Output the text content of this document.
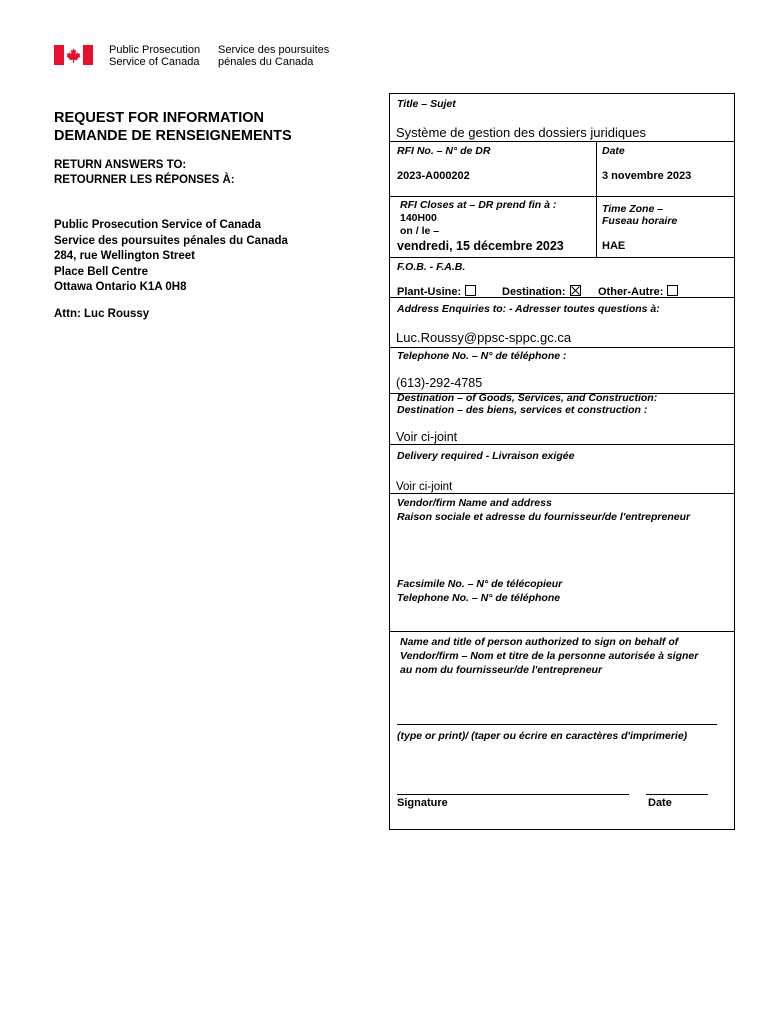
Public Prosecution
Service of Canada
Service des poursuites
pénales du Canada
REQUEST FOR INFORMATION
DEMANDE DE RENSEIGNEMENTS
RETURN ANSWERS TO:
RETOURNER LES RÉPONSES À:
Public Prosecution Service of Canada
Service des poursuites pénales du Canada
284, rue Wellington Street
Place Bell Centre
Ottawa Ontario K1A 0H8
Attn: Luc Roussy
Title – Sujet
Système de gestion des dossiers juridiques
RFI No. – N° de DR	Date
2023-A000202	3 novembre 2023
RFI Closes at – DR prend fin à :
140H00
on / le –
vendredi, 15 décembre 2023
Time Zone –
Fuseau horaire
HAE
F.O.B. - F.A.B.
Plant-Usine:	Destination:	Other-Autre:
Address Enquiries to: - Adresser toutes questions à:
Luc.Roussy@ppsc-sppc.gc.ca
Telephone No. – N° de téléphone :
(613)-292-4785
Destination – of Goods, Services, and Construction:
Destination – des biens, services et construction :
Voir ci-joint
Delivery required - Livraison exigée
Voir ci-joint
Vendor/firm Name and address
Raison sociale et adresse du fournisseur/de l'entrepreneur
Facsimile No. – N° de télécopieur
Telephone No. – N° de téléphone
Name and title of person authorized to sign on behalf of
Vendor/firm – Nom et titre de la personne autorisée à signer
au nom du fournisseur/de l'entrepreneur
(type or print)/ (taper ou écrire en caractères d'imprimerie)
Signature	Date
